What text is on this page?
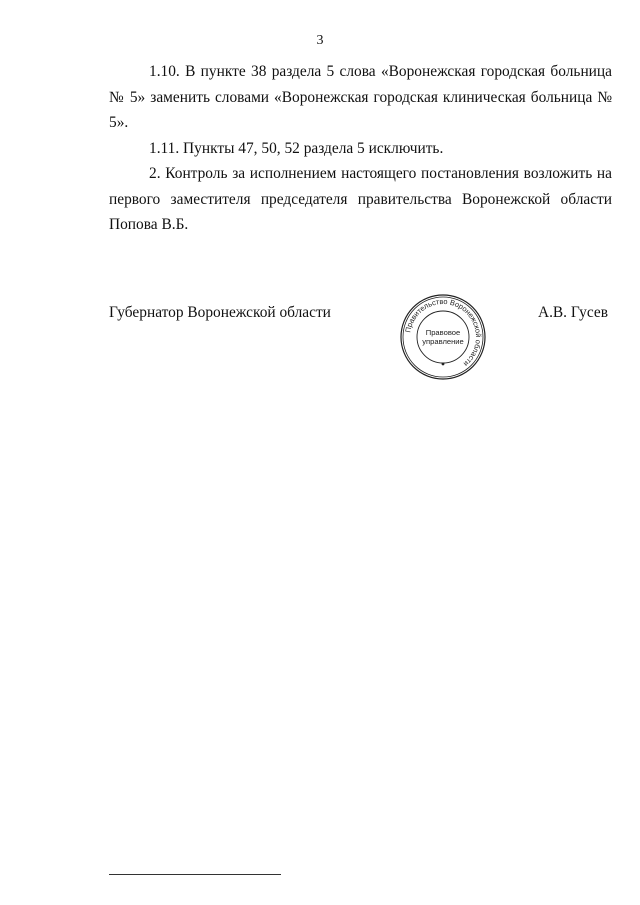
3
1.10. В пункте 38 раздела 5 слова «Воронежская городская больница № 5» заменить словами «Воронежская городская клиническая больница № 5».
1.11. Пункты 47, 50, 52 раздела 5 исключить.
2. Контроль за исполнением настоящего постановления возложить на первого заместителя председателя правительства Воронежской области Попова В.Б.
Губернатор Воронежской области	А.В. Гусев
Правительство Воронежской области
Правовое
управление
